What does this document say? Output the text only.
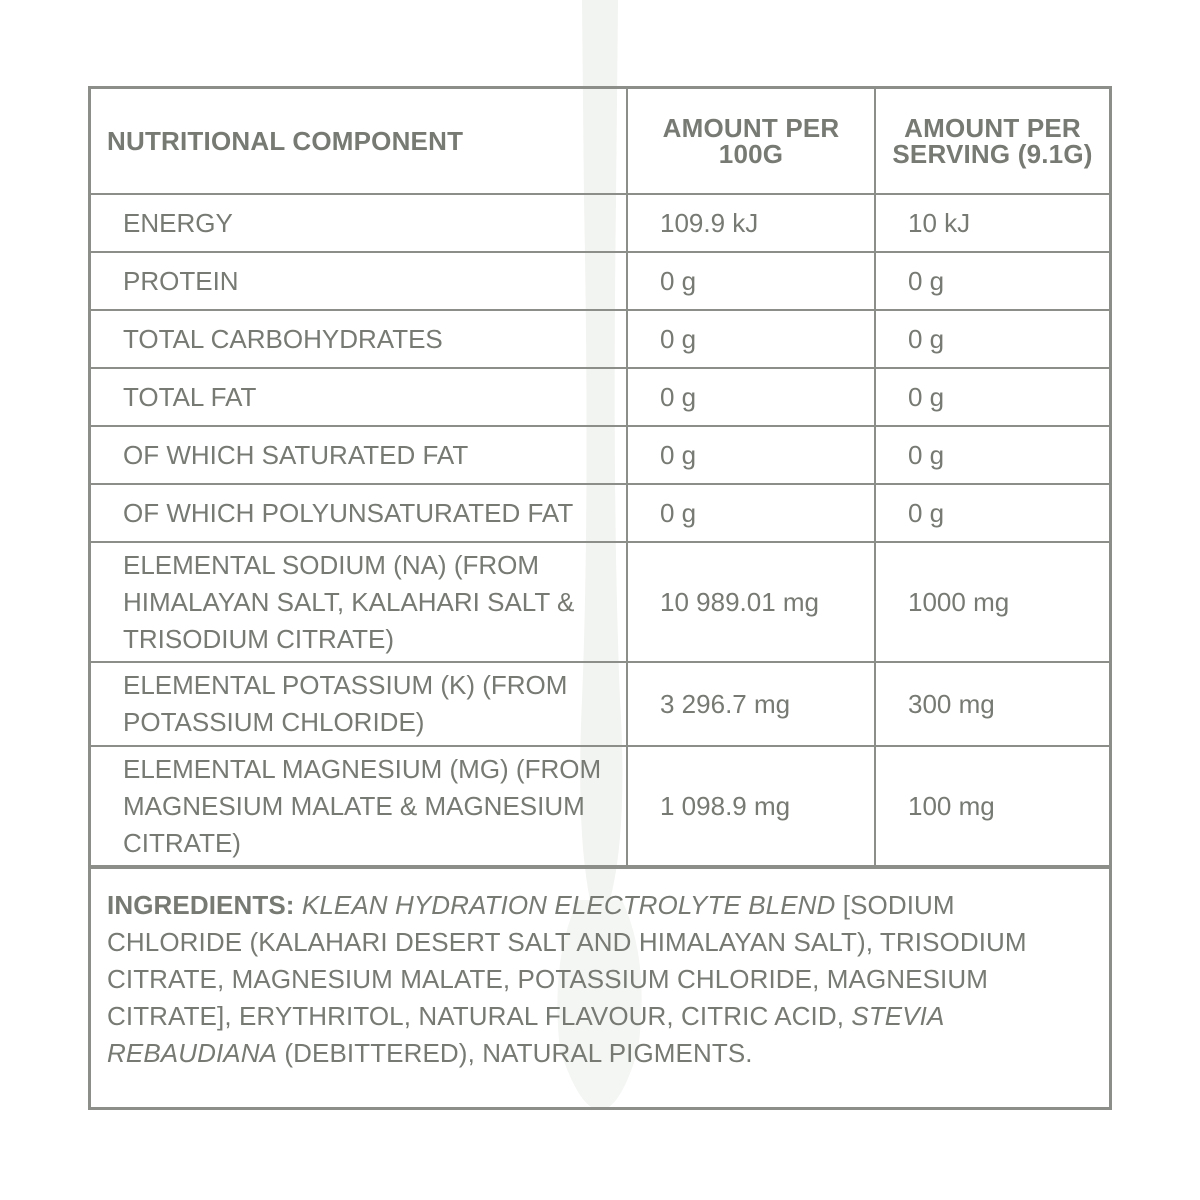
NUTRITIONAL COMPONENT	AMOUNT PER 100G	AMOUNT PER SERVING (9.1G)
ENERGY	109.9 kJ	10 kJ
PROTEIN	0 g	0 g
TOTAL CARBOHYDRATES	0 g	0 g
TOTAL FAT	0 g	0 g
OF WHICH SATURATED FAT	0 g	0 g
OF WHICH POLYUNSATURATED FAT	0 g	0 g
ELEMENTAL SODIUM (NA) (FROM HIMALAYAN SALT, KALAHARI SALT & TRISODIUM CITRATE)	10 989.01 mg	1000 mg
ELEMENTAL POTASSIUM (K) (FROM POTASSIUM CHLORIDE)	3 296.7 mg	300 mg
ELEMENTAL MAGNESIUM (MG) (FROM MAGNESIUM MALATE & MAGNESIUM CITRATE)	1 098.9 mg	100 mg
INGREDIENTS: KLEAN HYDRATION ELECTROLYTE BLEND [SODIUM CHLORIDE (KALAHARI DESERT SALT AND HIMALAYAN SALT), TRISODIUM CITRATE, MAGNESIUM MALATE, POTASSIUM CHLORIDE, MAGNESIUM CITRATE], ERYTHRITOL, NATURAL FLAVOUR, CITRIC ACID, STEVIA REBAUDIANA (DEBITTERED), NATURAL PIGMENTS.
